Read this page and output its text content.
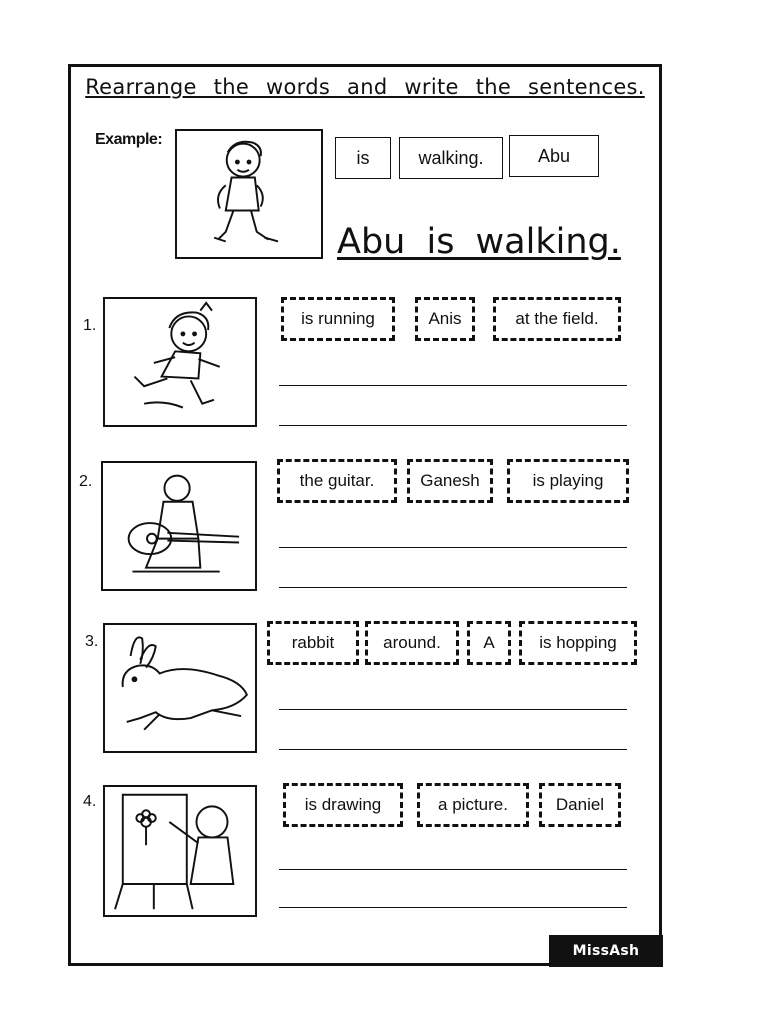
Rearrange the words and write the sentences.
Example:
is	walking.	Abu
Abu is walking.
1.	is running	Anis	at the field.
2.	the guitar.	Ganesh	is playing
3.	rabbit	around.	A	is hopping
4.	is drawing	a picture.	Daniel
MissAsh
